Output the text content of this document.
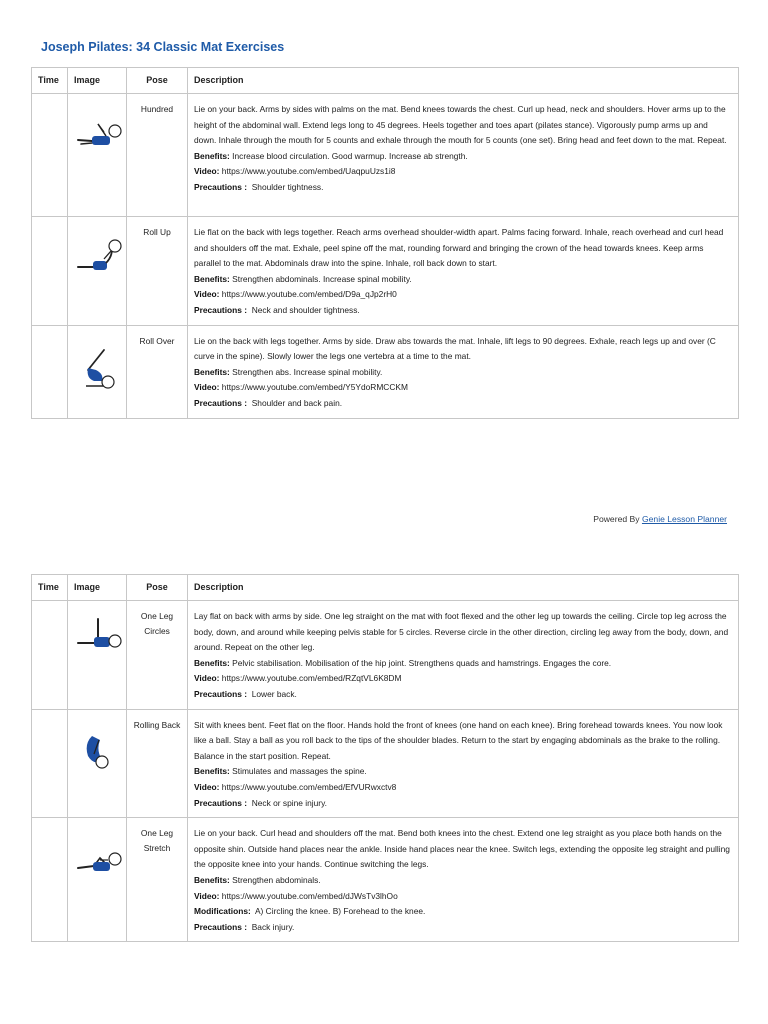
Joseph Pilates: 34 Classic Mat Exercises
Time	Image	Pose	Description

	Hundred	Lie on your back. Arms by sides with palms on the mat. Bend knees towards the chest. Curl up head, neck and shoulders. Hover arms up to the height of the abdominal wall. Extend legs long to 45 degrees. Heels together and toes apart (pilates stance). Vigorously pump arms up and down. Inhale through the mouth for 5 counts and exhale through the mouth for 5 counts (one set). Bring head and feet down to the mat. Repeat.
Benefits: Increase blood circulation. Good warmup. Increase ab strength.
Video: https://www.youtube.com/embed/UaqpuUzs1i8
Precautions : Shoulder tightness.

	Roll Up	Lie flat on the back with legs together. Reach arms overhead shoulder-width apart. Palms facing forward. Inhale, reach overhead and curl head and shoulders off the mat. Exhale, peel spine off the mat, rounding forward and bringing the crown of the head towards knees. Keep arms parallel to the mat. Abdominals draw into the spine. Inhale, roll back down to start.
Benefits: Strengthen abdominals. Increase spinal mobility.
Video: https://www.youtube.com/embed/D9a_qJp2rH0
Precautions : Neck and shoulder tightness.

	Roll Over	Lie on the back with legs together. Arms by side. Draw abs towards the mat. Inhale, lift legs to 90 degrees. Exhale, reach legs up and over (C curve in the spine). Slowly lower the legs one vertebra at a time to the mat.
Benefits: Strengthen abs. Increase spinal mobility.
Video: https://www.youtube.com/embed/Y5YdoRMCCKM
Precautions : Shoulder and back pain.
Powered By Genie Lesson Planner
Time	Image	Pose	Description

	One Leg Circles	Lay flat on back with arms by side. One leg straight on the mat with foot flexed and the other leg up towards the ceiling. Circle top leg across the body, down, and around while keeping pelvis stable for 5 circles. Reverse circle in the other direction, circling leg away from the body, down, and around. Repeat on the other leg.
Benefits: Pelvic stabilisation. Mobilisation of the hip joint. Strengthens quads and hamstrings. Engages the core.
Video: https://www.youtube.com/embed/RZqtVL6K8DM
Precautions : Lower back.

	Rolling Back	Sit with knees bent. Feet flat on the floor. Hands hold the front of knees (one hand on each knee). Bring forehead towards knees. You now look like a ball. Stay a ball as you roll back to the tips of the shoulder blades. Return to the start by engaging abdominals as the brake to the rolling. Balance in the start position. Repeat.
Benefits: Stimulates and massages the spine.
Video: https://www.youtube.com/embed/EfVURwxctv8
Precautions : Neck or spine injury.

	One Leg Stretch	Lie on your back. Curl head and shoulders off the mat. Bend both knees into the chest. Extend one leg straight as you place both hands on the opposite shin. Outside hand places near the ankle. Inside hand places near the knee. Switch legs, extending the opposite leg straight and pulling the opposite knee into your hands. Continue switching the legs.
Benefits: Strengthen abdominals.
Video: https://www.youtube.com/embed/dJWsTv3lhOo
Modifications: A) Circling the knee. B) Forehead to the knee.
Precautions : Back injury.
